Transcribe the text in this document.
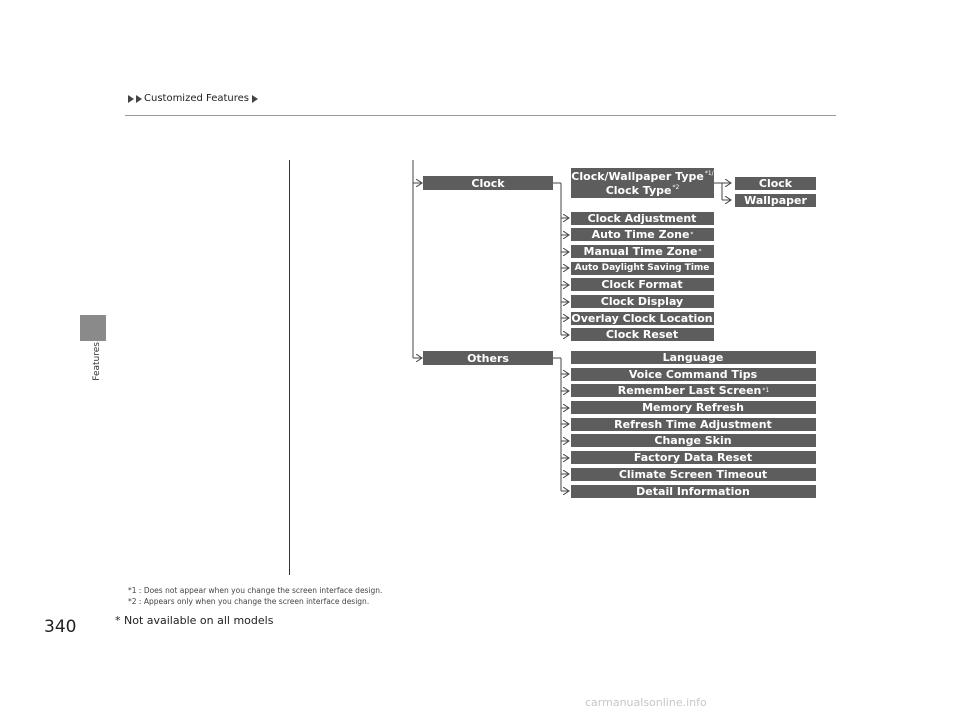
Customized Features
Features
340	* Not available on all models
*1 : Does not appear when you change the screen interface design.
*2 : Appears only when you change the screen interface design.
Clock
Others
Clock/Wallpaper Type$^{*1/}$
Clock Type$^{*2}$	Clock
Wallpaper
Clock Adjustment
Auto Time Zone *
Manual Time Zone *
Auto Daylight Saving Time
Clock Format
Clock Display
Overlay Clock Location
Clock Reset
Language
Voice Command Tips
Remember Last Screen *1
Memory Refresh
Refresh Time Adjustment
Change Skin
Factory Data Reset
Climate Screen Timeout
Detail Information
carmanualsonline.info
